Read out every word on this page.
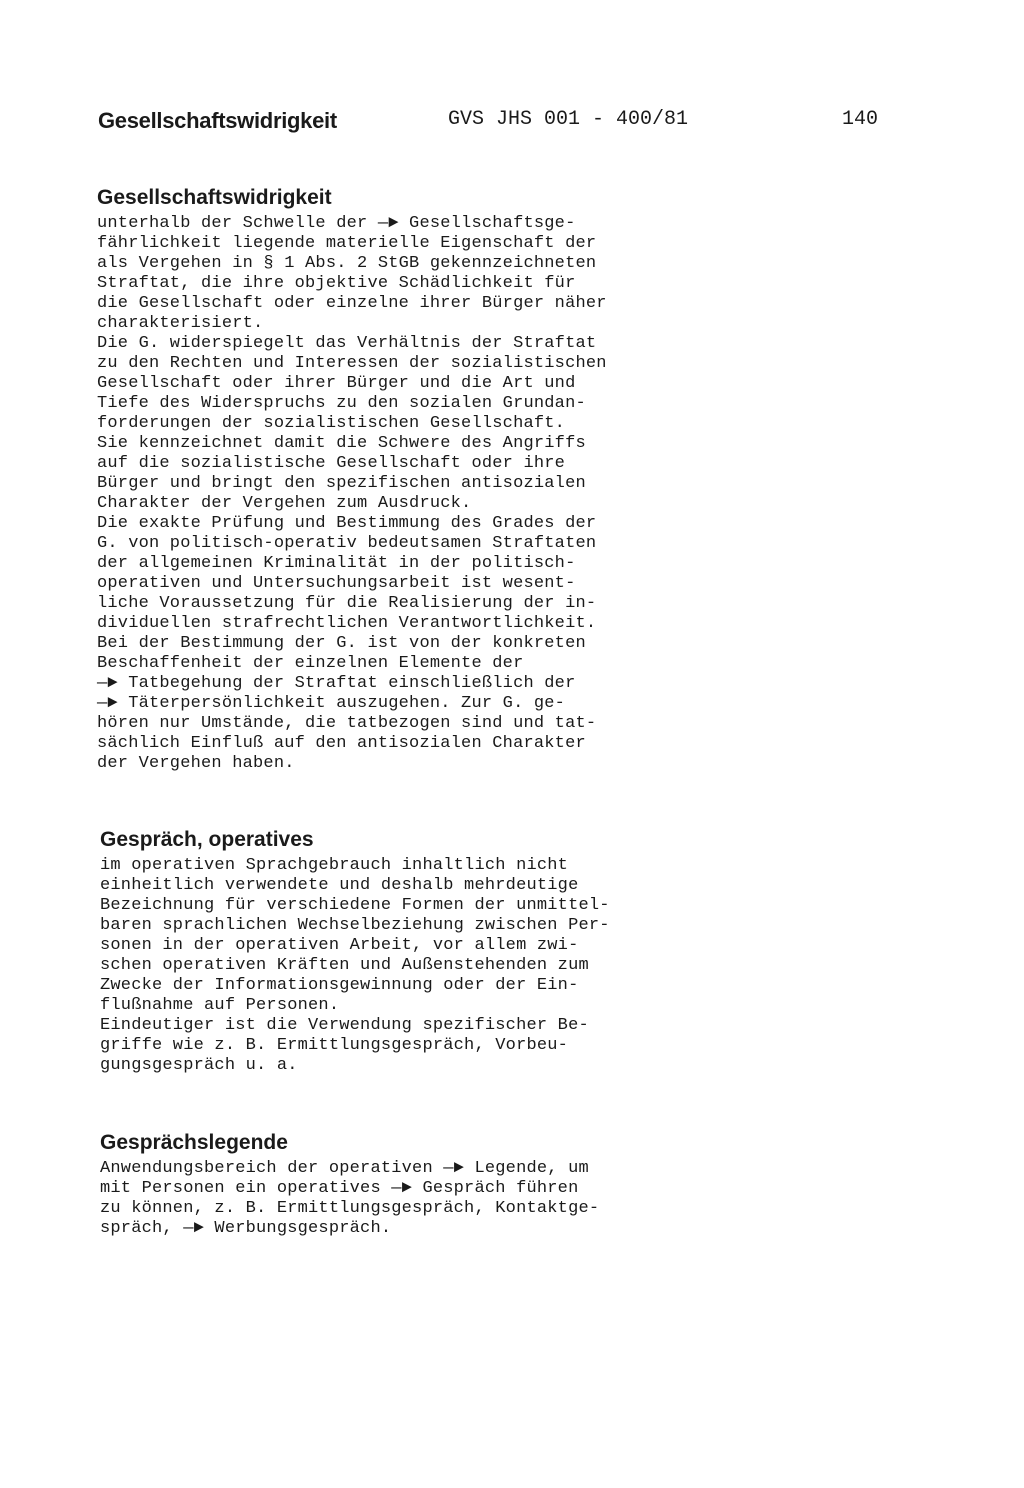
Gesellschaftswidrigkeit	GVS JHS 001 - 400/81	140
Gesellschaftswidrigkeit
unterhalb der Schwelle der —► Gesellschaftsge-
fährlichkeit liegende materielle Eigenschaft der
als Vergehen in § 1 Abs. 2 StGB gekennzeichneten
Straftat, die ihre objektive Schädlichkeit für
die Gesellschaft oder einzelne ihrer Bürger näher
charakterisiert.
Die G. widerspiegelt das Verhältnis der Straftat
zu den Rechten und Interessen der sozialistischen
Gesellschaft oder ihrer Bürger und die Art und
Tiefe des Widerspruchs zu den sozialen Grundan-
forderungen der sozialistischen Gesellschaft.
Sie kennzeichnet damit die Schwere des Angriffs
auf die sozialistische Gesellschaft oder ihre
Bürger und bringt den spezifischen antisozialen
Charakter der Vergehen zum Ausdruck.
Die exakte Prüfung und Bestimmung des Grades der
G. von politisch-operativ bedeutsamen Straftaten
der allgemeinen Kriminalität in der politisch-
operativen und Untersuchungsarbeit ist wesent-
liche Voraussetzung für die Realisierung der in-
dividuellen strafrechtlichen Verantwortlichkeit.
Bei der Bestimmung der G. ist von der konkreten
Beschaffenheit der einzelnen Elemente der
—► Tatbegehung der Straftat einschließlich der
—► Täterpersönlichkeit auszugehen. Zur G. ge-
hören nur Umstände, die tatbezogen sind und tat-
sächlich Einfluß auf den antisozialen Charakter
der Vergehen haben.
Gespräch, operatives
im operativen Sprachgebrauch inhaltlich nicht
einheitlich verwendete und deshalb mehrdeutige
Bezeichnung für verschiedene Formen der unmittel-
baren sprachlichen Wechselbeziehung zwischen Per-
sonen in der operativen Arbeit, vor allem zwi-
schen operativen Kräften und Außenstehenden zum
Zwecke der Informationsgewinnung oder der Ein-
flußnahme auf Personen.
Eindeutiger ist die Verwendung spezifischer Be-
griffe wie z. B. Ermittlungsgespräch, Vorbeu-
gungsgespräch u. a.
Gesprächslegende
Anwendungsbereich der operativen —► Legende, um
mit Personen ein operatives —► Gespräch führen
zu können, z. B. Ermittlungsgespräch, Kontaktge-
spräch, —► Werbungsgespräch.
